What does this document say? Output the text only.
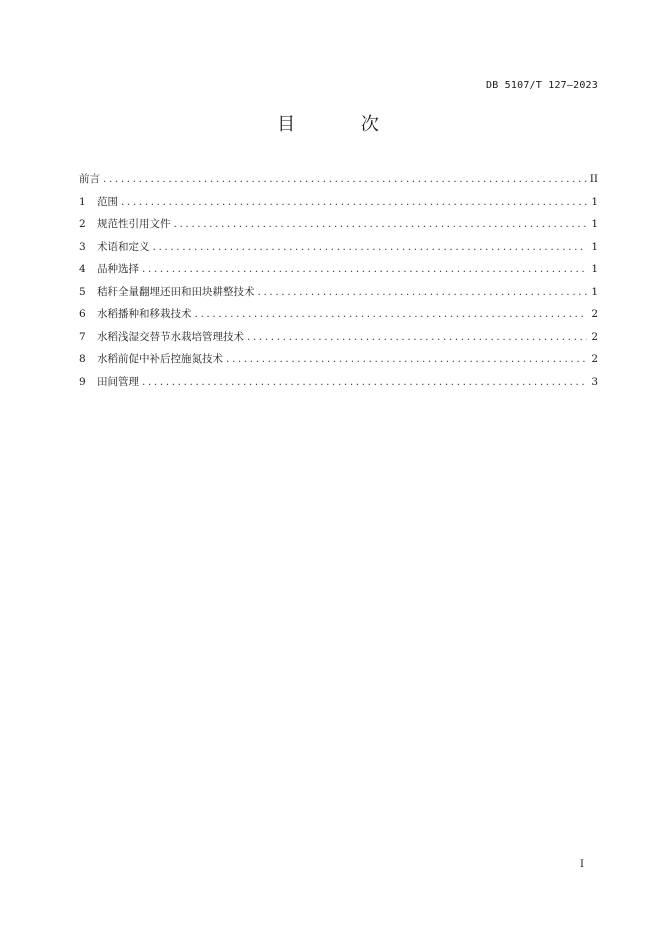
DB 5107/T 127—2023
目 次
前言 .....	II
1	范围 .....	1
2	规范性引用文件 .....	1
3	术语和定义 .....	1
4	品种选择 .....	1
5	秸秆全量翻埋还田和田块耕整技术 .....	1
6	水稻播种和移栽技术 .....	2
7	水稻浅湿交替节水栽培管理技术 .....	2
8	水稻前促中补后控施氮技术 .....	2
9	田间管理 .....	3
I
